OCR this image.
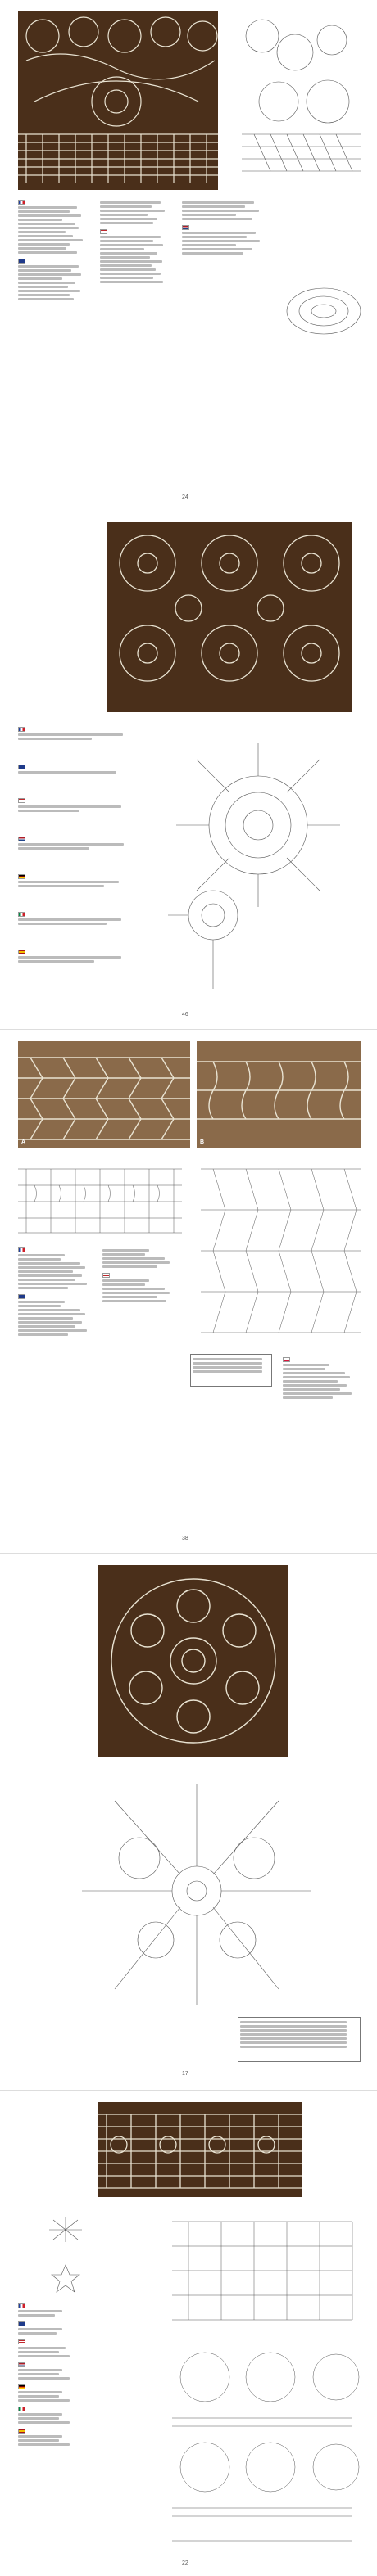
24
46
A	B
38
17
22
